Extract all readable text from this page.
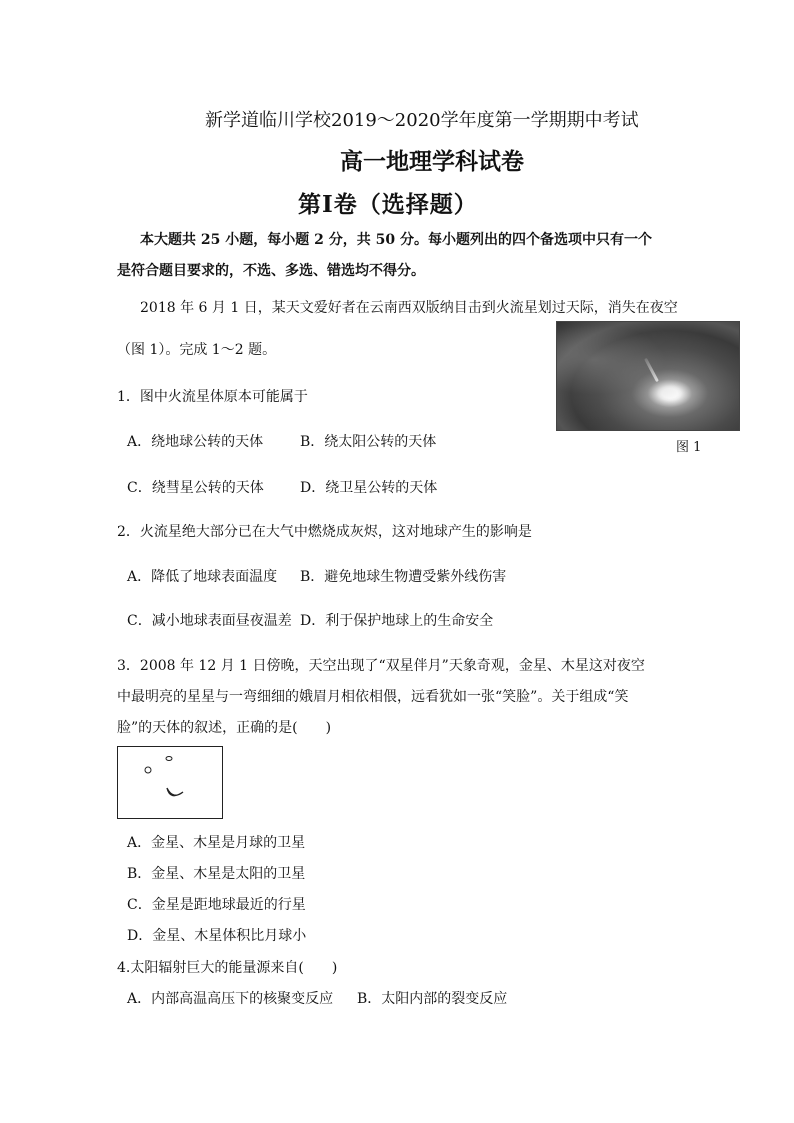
新学道临川学校2019～2020学年度第一学期期中考试
高一地理学科试卷
第Ⅰ卷（选择题）
本大题共 25 小题，每小题 2 分，共 50 分。每小题列出的四个备选项中只有一个
是符合题目要求的，不选、多选、错选均不得分。
2018 年 6 月 1 日，某天文爱好者在云南西双版纳目击到火流星划过天际，消失在夜空
（图 1）。完成 1～2 题。
图 1
1．图中火流星体原本可能属于
A．绕地球公转的天体	B．绕太阳公转的天体
C．绕彗星公转的天体	D．绕卫星公转的天体
2．火流星绝大部分已在大气中燃烧成灰烬，这对地球产生的影响是
A．降低了地球表面温度 B．避免地球生物遭受紫外线伤害
C．减小地球表面昼夜温差 D．利于保护地球上的生命安全
3．2008 年 12 月 1 日傍晚，天空出现了“双星伴月”天象奇观，金星、木星这对夜空
中最明亮的星星与一弯细细的娥眉月相依相偎，远看犹如一张“笑脸”。关于组成“笑
脸”的天体的叙述，正确的是(　　)
A．金星、木星是月球的卫星
B．金星、木星是太阳的卫星
C．金星是距地球最近的行星
D．金星、木星体积比月球小
4.太阳辐射巨大的能量源来自(　　)
A．内部高温高压下的核聚变反应 B．太阳内部的裂变反应
